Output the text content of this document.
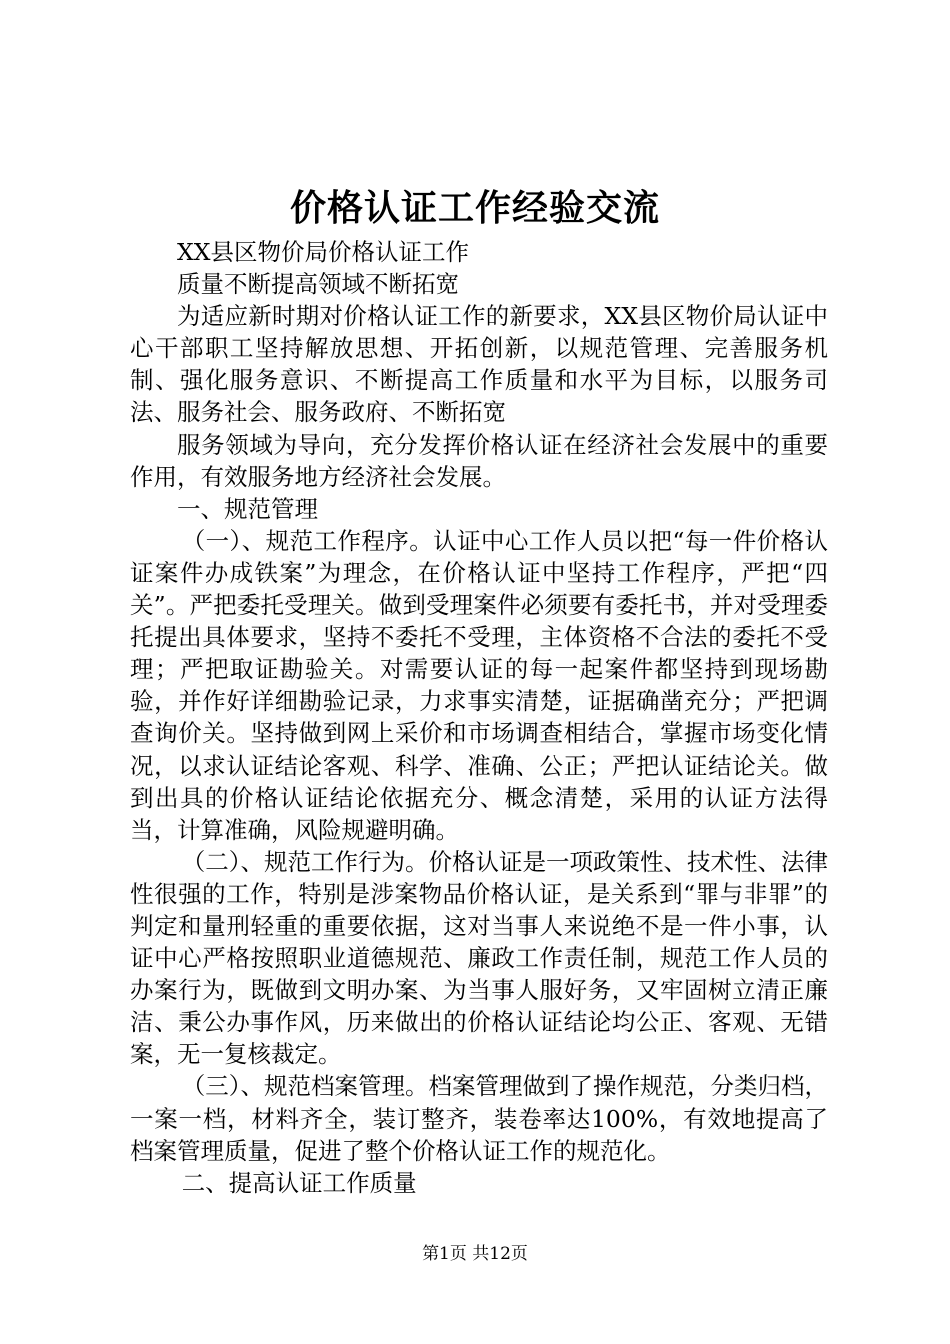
价格认证工作经验交流

XX县区物价局价格认证工作

质量不断提高领域不断拓宽

为适应新时期对价格认证工作的新要求，XX县区物价局认证中心干部职工坚持解放思想、开拓创新，以规范管理、完善服务机制、强化服务意识、不断提高工作质量和水平为目标，以服务司法、服务社会、服务政府、不断拓宽

服务领域为导向，充分发挥价格认证在经济社会发展中的重要作用，有效服务地方经济社会发展。

一、规范管理

（一）、规范工作程序。认证中心工作人员以把“每一件价格认证案件办成铁案”为理念，在价格认证中坚持工作程序，严把“四关”。严把委托受理关。做到受理案件必须要有委托书，并对受理委托提出具体要求，坚持不委托不受理，主体资格不合法的委托不受理；严把取证勘验关。对需要认证的每一起案件都坚持到现场勘验，并作好详细勘验记录，力求事实清楚，证据确凿充分；严把调查询价关。坚持做到网上采价和市场调查相结合，掌握市场变化情况，以求认证结论客观、科学、准确、公正；严把认证结论关。做到出具的价格认证结论依据充分、概念清楚，采用的认证方法得当，计算准确，风险规避明确。

（二）、规范工作行为。价格认证是一项政策性、技术性、法律性很强的工作，特别是涉案物品价格认证，是关系到“罪与非罪”的判定和量刑轻重的重要依据，这对当事人来说绝不是一件小事，认证中心严格按照职业道德规范、廉政工作责任制，规范工作人员的办案行为，既做到文明办案、为当事人服好务，又牢固树立清正廉洁、秉公办事作风，历来做出的价格认证结论均公正、客观、无错案，无一复核裁定。

（三）、规范档案管理。档案管理做到了操作规范，分类归档，一案一档，材料齐全，装订整齐，装卷率达100%，有效地提高了档案管理质量，促进了整个价格认证工作的规范化。

二、提高认证工作质量

第1页 共12页
